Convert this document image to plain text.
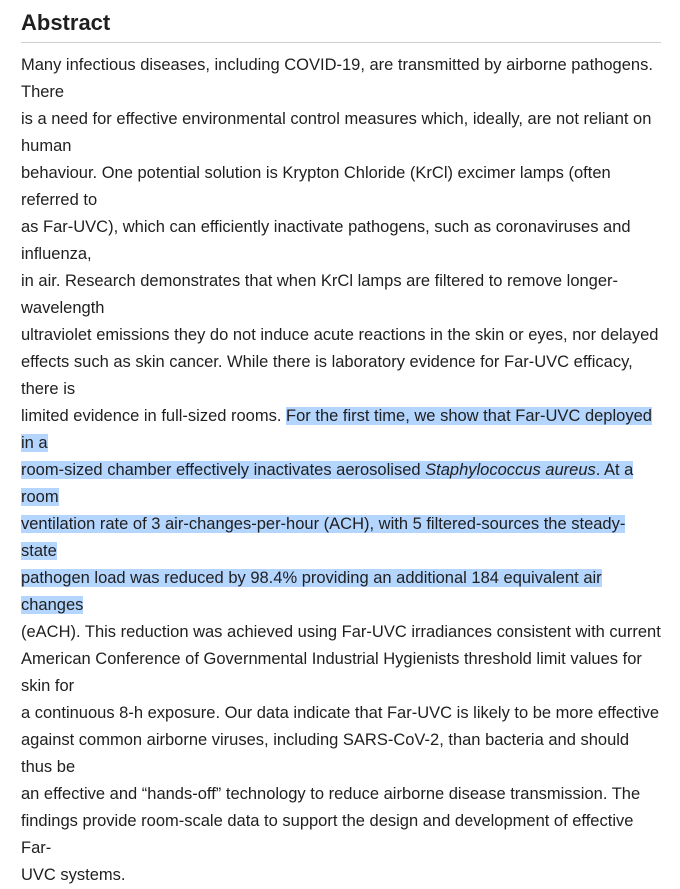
Abstract
Many infectious diseases, including COVID-19, are transmitted by airborne pathogens. There
is a need for effective environmental control measures which, ideally, are not reliant on human
behaviour. One potential solution is Krypton Chloride (KrCl) excimer lamps (often referred to
as Far-UVC), which can efficiently inactivate pathogens, such as coronaviruses and influenza,
in air. Research demonstrates that when KrCl lamps are filtered to remove longer-wavelength
ultraviolet emissions they do not induce acute reactions in the skin or eyes, nor delayed
effects such as skin cancer. While there is laboratory evidence for Far-UVC efficacy, there is
limited evidence in full-sized rooms. For the first time, we show that Far-UVC deployed in a
room-sized chamber effectively inactivates aerosolised Staphylococcus aureus. At a room
ventilation rate of 3 air-changes-per-hour (ACH), with 5 filtered-sources the steady-state
pathogen load was reduced by 98.4% providing an additional 184 equivalent air changes
(eACH). This reduction was achieved using Far-UVC irradiances consistent with current
American Conference of Governmental Industrial Hygienists threshold limit values for skin for
a continuous 8-h exposure. Our data indicate that Far-UVC is likely to be more effective
against common airborne viruses, including SARS-CoV-2, than bacteria and should thus be
an effective and “hands-off” technology to reduce airborne disease transmission. The
findings provide room-scale data to support the design and development of effective Far-
UVC systems.
